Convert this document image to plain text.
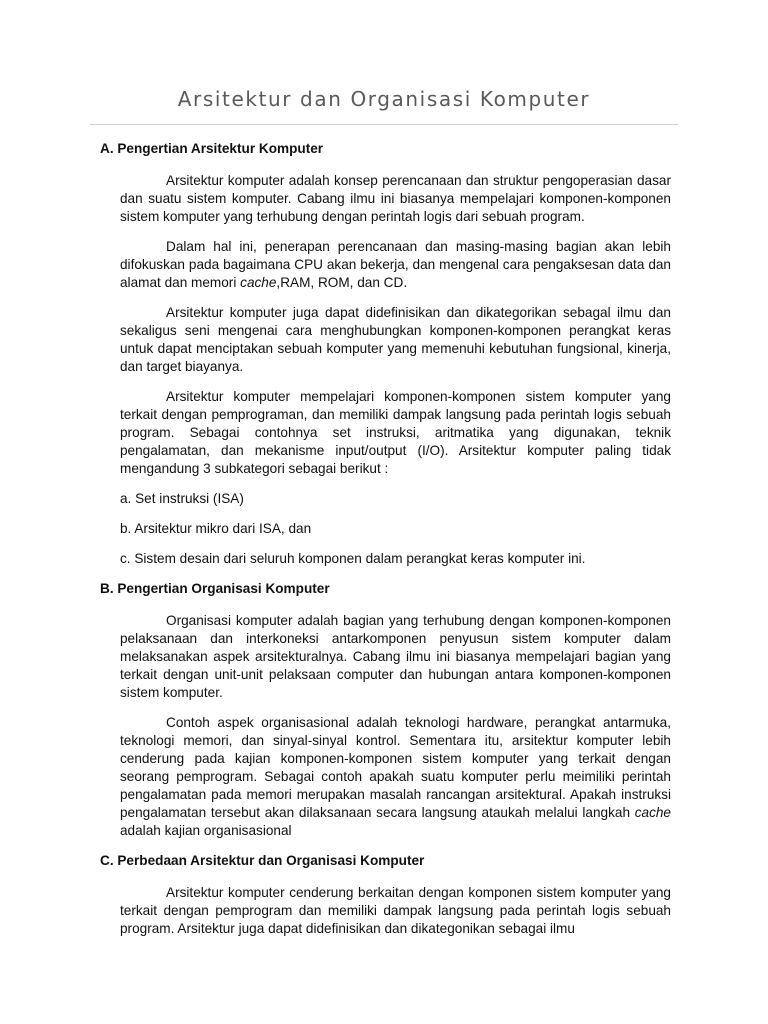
Arsitektur dan Organisasi Komputer
A. Pengertian Arsitektur Komputer

Arsitektur komputer adalah konsep perencanaan dan struktur pengoperasian dasar dan suatu sistem komputer. Cabang ilmu ini biasanya mempelajari komponen-komponen sistem komputer yang terhubung dengan perintah logis dari sebuah program.

Dalam hal ini, penerapan perencanaan dan masing-masing bagian akan lebih difokuskan pada bagaimana CPU akan bekerja, dan mengenal cara pengaksesan data dan alamat dan memori cache,RAM, ROM, dan CD.

Arsitektur komputer juga dapat didefinisikan dan dikategorikan sebagal ilmu dan sekaligus seni mengenai cara menghubungkan komponen-komponen perangkat keras untuk dapat menciptakan sebuah komputer yang memenuhi kebutuhan fungsional, kinerja, dan target biayanya.

Arsitektur komputer mempelajari komponen-komponen sistem komputer yang terkait dengan pemprograman, dan memiliki dampak langsung pada perintah logis sebuah program. Sebagai contohnya set instruksi, aritmatika yang digunakan, teknik pengalamatan, dan mekanisme input/output (I/O). Arsitektur komputer paling tidak mengandung 3 subkategori sebagai berikut :

a. Set instruksi (ISA)
b. Arsitektur mikro dari ISA, dan
c. Sistem desain dari seluruh komponen dalam perangkat keras komputer ini.
B. Pengertian Organisasi Komputer

Organisasi komputer adalah bagian yang terhubung dengan komponen-komponen pelaksanaan dan interkoneksi antarkomponen penyusun sistem komputer dalam melaksanakan aspek arsitekturalnya. Cabang ilmu ini biasanya mempelajari bagian yang terkait dengan unit-unit pelaksaan computer dan hubungan antara komponen-komponen sistem komputer.

Contoh aspek organisasional adalah teknologi hardware, perangkat antarmuka, teknologi memori, dan sinyal-sinyal kontrol. Sementara itu, arsitektur komputer lebih cenderung pada kajian komponen-komponen sistem komputer yang terkait dengan seorang pemprogram. Sebagai contoh apakah suatu komputer perlu meimiliki perintah pengalamatan pada memori merupakan masalah rancangan arsitektural. Apakah instruksi pengalamatan tersebut akan dilaksanaan secara langsung ataukah melalui langkah cache adalah kajian organisasional

C. Perbedaan Arsitektur dan Organisasi Komputer

Arsitektur komputer cenderung berkaitan dengan komponen sistem komputer yang terkait dengan pemprogram dan memiliki dampak langsung pada perintah logis sebuah program. Arsitektur juga dapat didefinisikan dan dikategonikan sebagai ilmu
